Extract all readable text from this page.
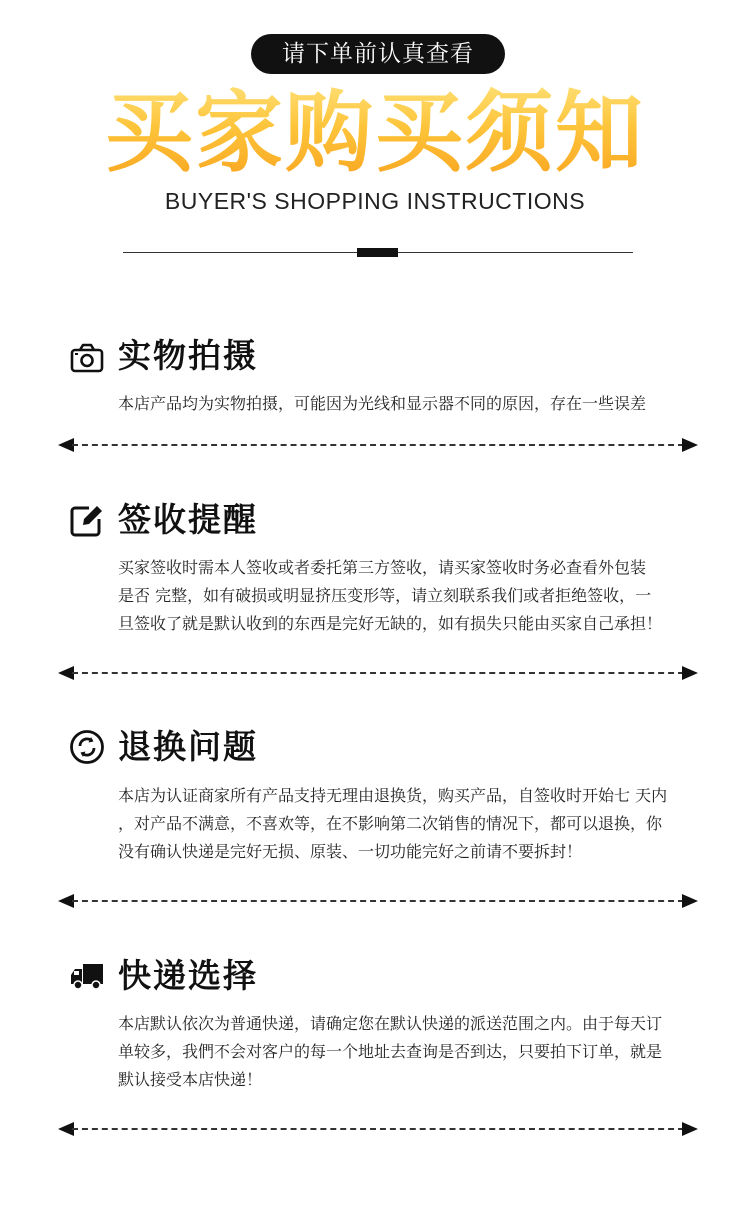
请下单前认真查看
买家购买须知
BUYER'S SHOPPING INSTRUCTIONS
实物拍摄
本店产品均为实物拍摄，可能因为光线和显示器不同的原因，存在一些误差
签收提醒
买家签收时需本人签收或者委托第三方签收，请买家签收时务必查看外包装
是否 完整，如有破损或明显挤压变形等，请立刻联系我们或者拒绝签收，一
旦签收了就是默认收到的东西是完好无缺的，如有损失只能由买家自己承担！
退换问题
本店为认证商家所有产品支持无理由退换货，购买产品，自签收时开始七 天内
，对产品不满意，不喜欢等，在不影响第二次销售的情况下，都可以退换，你
没有确认快递是完好无损、原装、一切功能完好之前请不要拆封！
快递选择
本店默认依次为普通快递，请确定您在默认快递的派送范围之内。由于每天订
单较多，我們不会对客户的每一个地址去查询是否到达，只要拍下订单，就是
默认接受本店快递！
